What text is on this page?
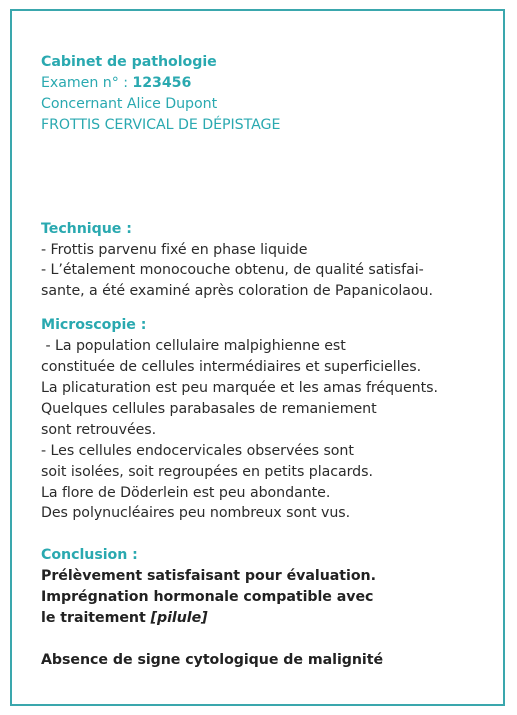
Cabinet de pathologie
Examen n° : 123456
Concernant Alice Dupont
FROTTIS CERVICAL DE DÉPISTAGE
Technique :
- Frottis parvenu fixé en phase liquide
- L’étalement monocouche obtenu, de qualité satisfai-
sante, a été examiné après coloration de Papanicolaou.
Microscopie :
- La population cellulaire malpighienne est
constituée de cellules intermédiaires et superficielles.
La plicaturation est peu marquée et les amas fréquents.
Quelques cellules parabasales de remaniement
sont retrouvées.
- Les cellules endocervicales observées sont
soit isolées, soit regroupées en petits placards.
La flore de Döderlein est peu abondante.
Des polynucléaires peu nombreux sont vus.
Conclusion :
Prélèvement satisfaisant pour évaluation.
Imprégnation hormonale compatible avec
le traitement [pilule]
Absence de signe cytologique de malignité
